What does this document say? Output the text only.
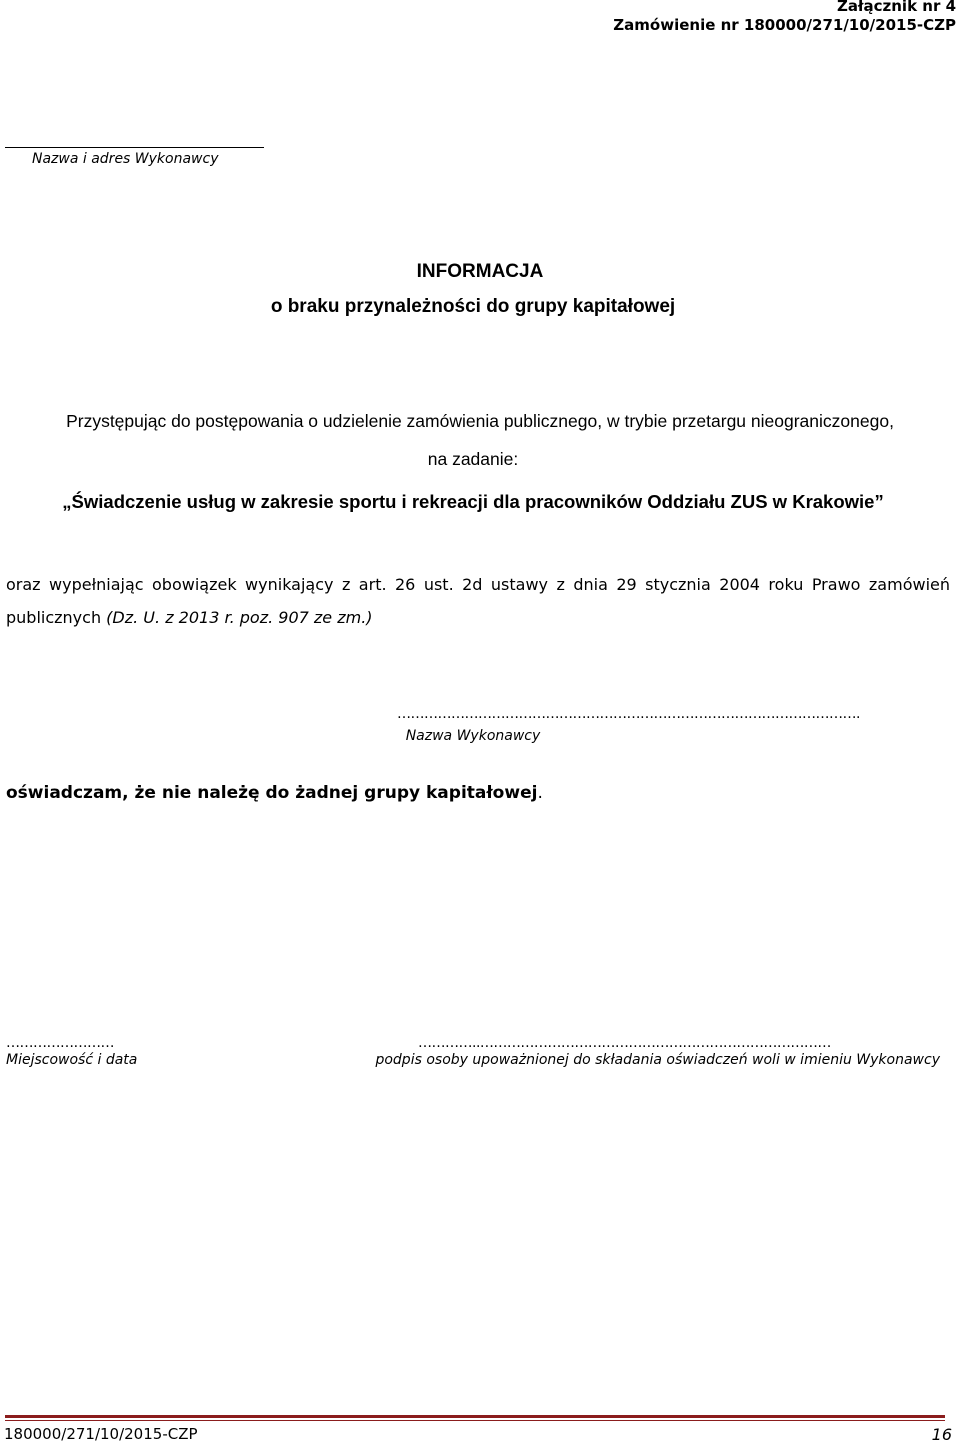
Załącznik nr 4
Zamówienie nr 180000/271/10/2015-CZP
Nazwa i adres Wykonawcy
INFORMACJA
o braku przynależności do grupy kapitałowej
Przystępując do postępowania o udzielenie zamówienia publicznego, w trybie przetargu nieograniczonego,
na zadanie:
„Świadczenie usług w zakresie sportu i rekreacji dla pracowników Oddziału ZUS w Krakowie”
oraz wypełniając obowiązek wynikający z art. 26 ust. 2d ustawy z dnia 29 stycznia 2004 roku Prawo zamówień publicznych (Dz. U. z 2013 r. poz. 907 ze zm.)
………………………………………………………………………………………….
Nazwa Wykonawcy
oświadczam, że nie należę do żadnej grupy kapitałowej.
……………………	…………..……………………………………………………………………
Miejscowość i data	podpis osoby upoważnionej do składania oświadczeń woli w imieniu Wykonawcy
180000/271/10/2015-CZP	16
